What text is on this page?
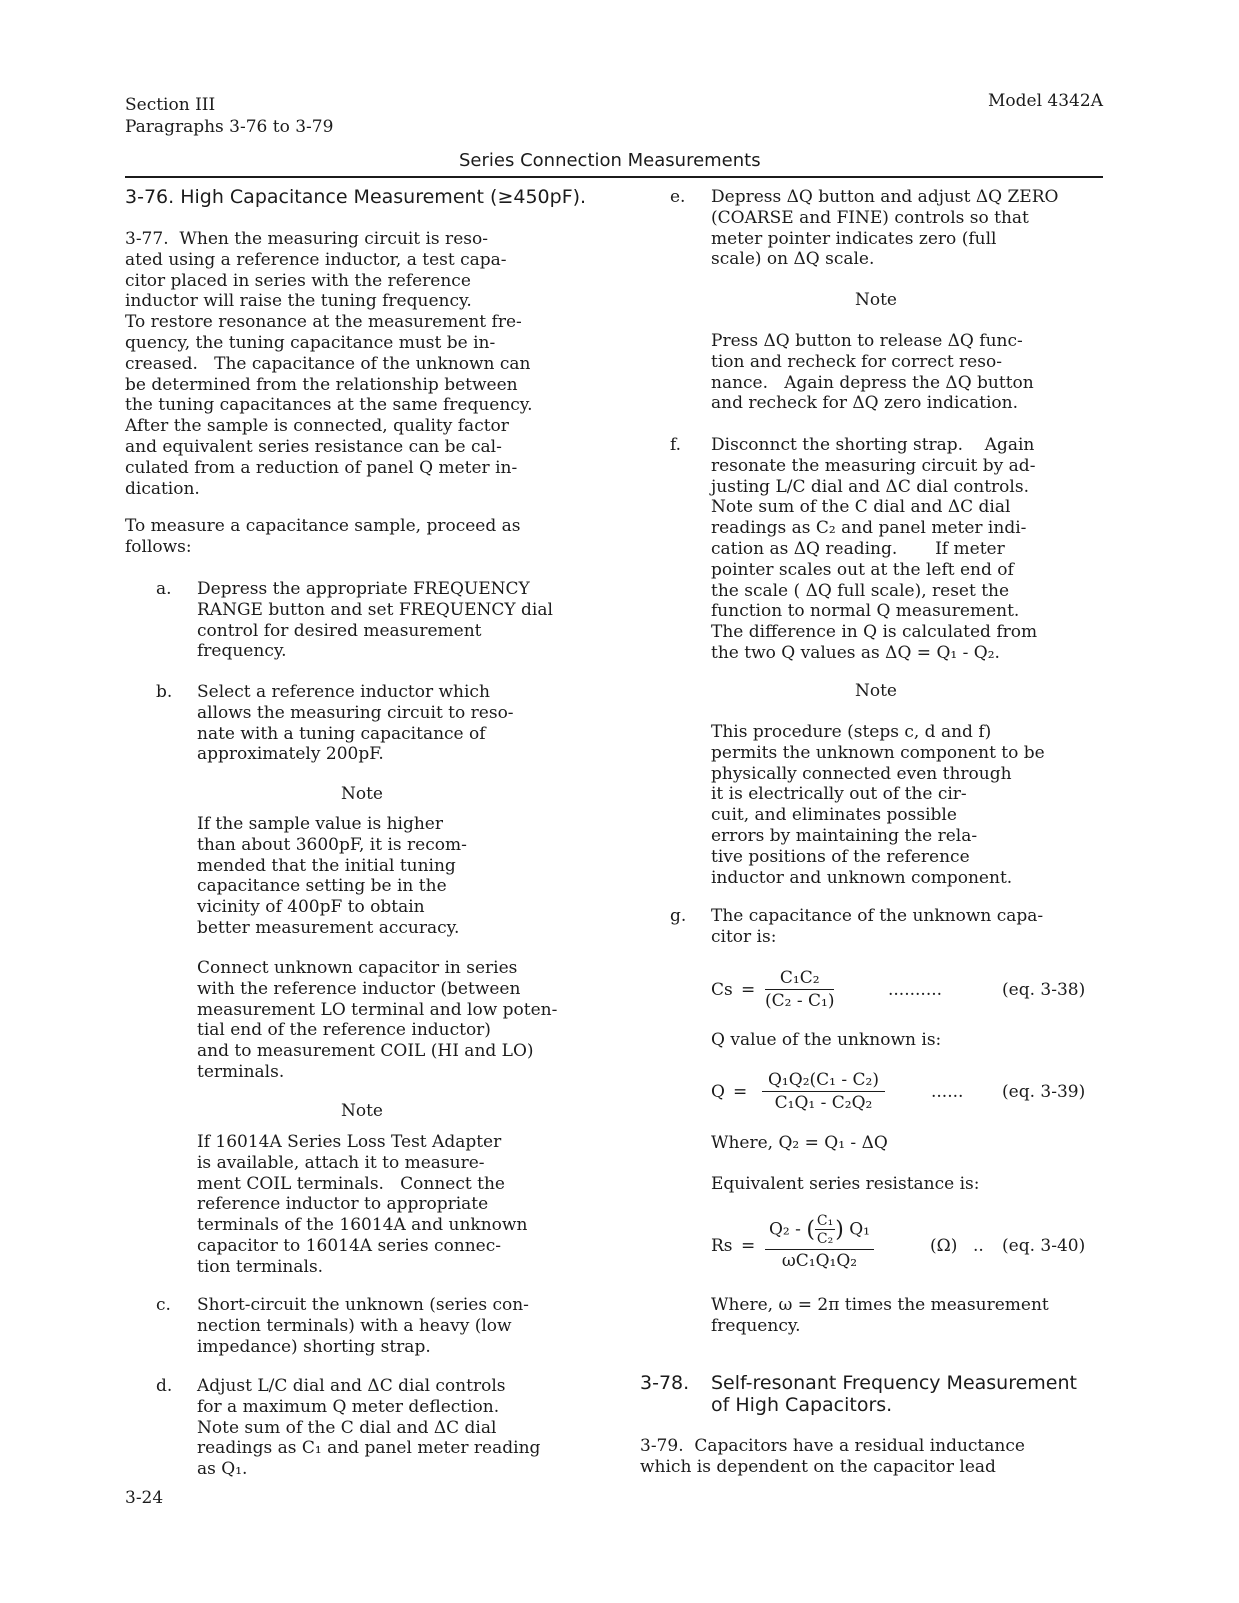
Section III
Paragraphs 3-76 to 3-79
Model 4342A
Series Connection Measurements
3-76. High Capacitance Measurement (≥450pF).
3-77.  When the measuring circuit is reso-
ated using a reference inductor, a test capa-
citor placed in series with the reference
inductor will raise the tuning frequency.
To restore resonance at the measurement fre-
quency, the tuning capacitance must be in-
creased.   The capacitance of the unknown can
be determined from the relationship between
the tuning capacitances at the same frequency.
After the sample is connected, quality factor
and equivalent series resistance can be cal-
culated from a reduction of panel Q meter in-
dication.
To measure a capacitance sample, proceed as
follows:
a. Depress the appropriate FREQUENCY
RANGE button and set FREQUENCY dial
control for desired measurement
frequency.
b. Select a reference inductor which
allows the measuring circuit to reso-
nate with a tuning capacitance of
approximately 200pF.
Note
If the sample value is higher
than about 3600pF, it is recom-
mended that the initial tuning
capacitance setting be in the
vicinity of 400pF to obtain
better measurement accuracy.
Connect unknown capacitor in series
with the reference inductor (between
measurement LO terminal and low poten-
tial end of the reference inductor)
and to measurement COIL (HI and LO)
terminals.
Note
If 16014A Series Loss Test Adapter
is available, attach it to measure-
ment COIL terminals.   Connect the
reference inductor to appropriate
terminals of the 16014A and unknown
capacitor to 16014A series connec-
tion terminals.
c. Short-circuit the unknown (series con-
nection terminals) with a heavy (low
impedance) shorting strap.
d. Adjust L/C dial and ΔC dial controls
for a maximum Q meter deflection.
Note sum of the C dial and ΔC dial
readings as C₁ and panel meter reading
as Q₁.
3-24
e. Depress ΔQ button and adjust ΔQ ZERO
(COARSE and FINE) controls so that
meter pointer indicates zero (full
scale) on ΔQ scale.
Note
Press ΔQ button to release ΔQ func-
tion and recheck for correct reso-
nance.   Again depress the ΔQ button
and recheck for ΔQ zero indication.
f. Disconnct the shorting strap.    Again
resonate the measuring circuit by ad-
justing L/C dial and ΔC dial controls.
Note sum of the C dial and ΔC dial
readings as C₂ and panel meter indi-
cation as ΔQ reading.       If meter
pointer scales out at the left end of
the scale ( ΔQ full scale), reset the
function to normal Q measurement.
The difference in Q is calculated from
the two Q values as ΔQ = Q₁ - Q₂.
Note
This procedure (steps c, d and f)
permits the unknown component to be
physically connected even through
it is electrically out of the cir-
cuit, and eliminates possible
errors by maintaining the rela-
tive positions of the reference
inductor and unknown component.
g. The capacitance of the unknown capa-
citor is:
$Cs = \frac{\text{C₁C₂}}{\text{(C₂ - C₁)}}$	..........	(eq. 3-38)
Q value of the unknown is:
$Q = \frac{\text{Q₁Q₂(C₁ - C₂)}}{\text{C₁Q₁ - C₂Q₂}}$	...... (eq. 3-39)
Where, Q₂ = Q₁ - ΔQ
Equivalent series resistance is:
$Rs = \frac{Q_2 - ( \frac{\text{C₁}}{\text{C₂}} ) Q_1}{\text{ωC₁Q₁Q₂}}$	(Ω) .. (eq. 3-40)
Where, ω = 2π times the measurement
frequency.
3-78. Self-resonant Frequency Measurement
of High Capacitors.
3-79.  Capacitors have a residual inductance
which is dependent on the capacitor lead
